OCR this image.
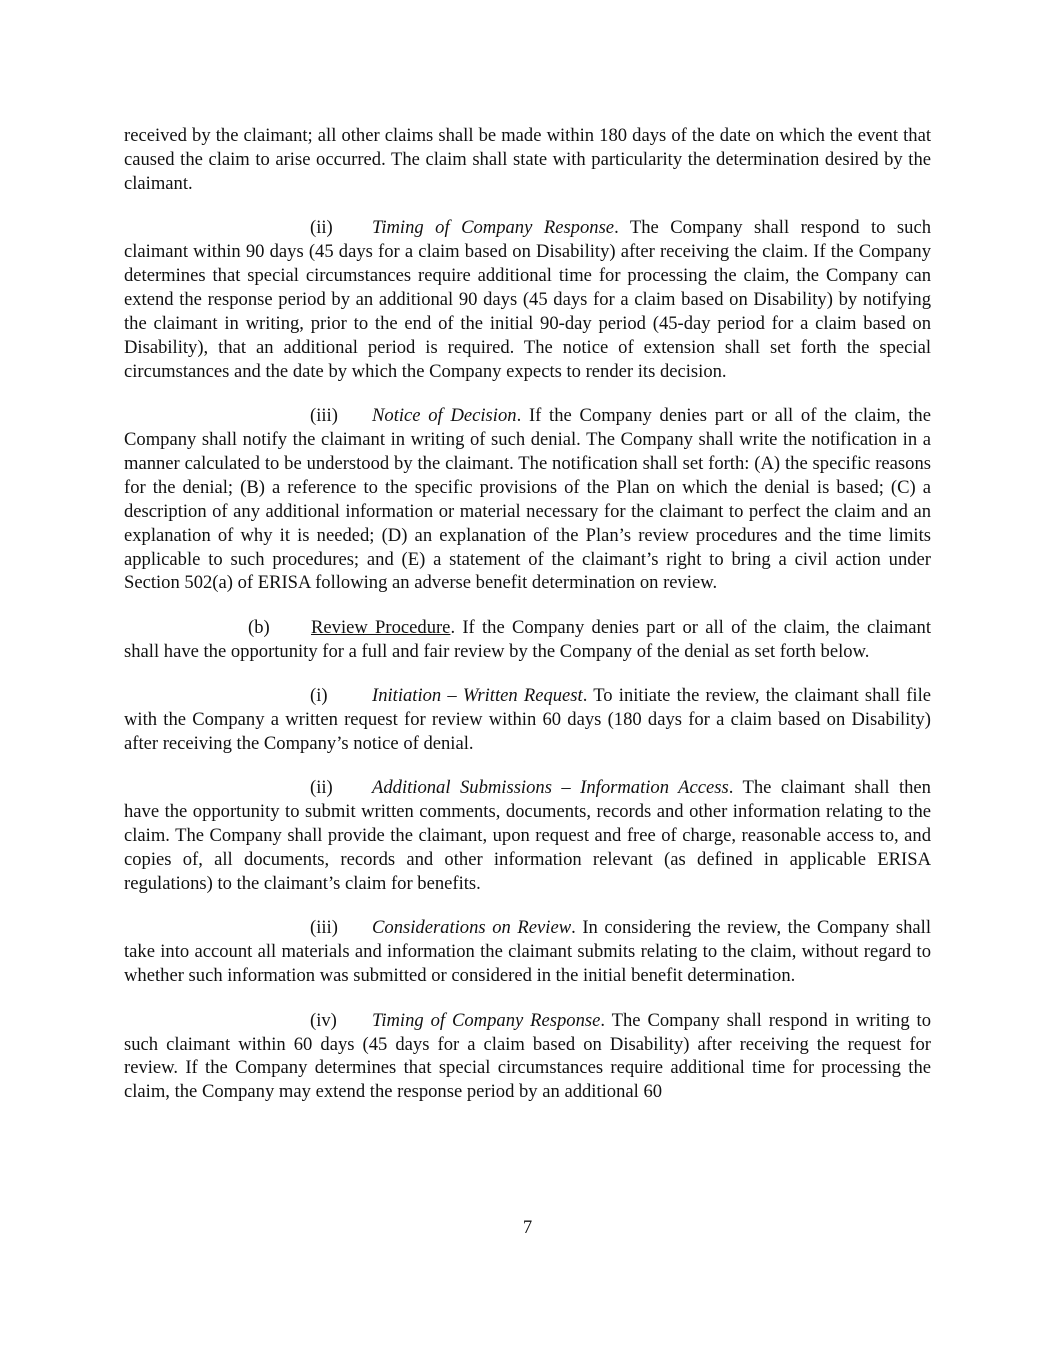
received by the claimant; all other claims shall be made within 180 days of the date on which the event that caused the claim to arise occurred. The claim shall state with particularity the determination desired by the claimant.

(ii) Timing of Company Response. The Company shall respond to such claimant within 90 days (45 days for a claim based on Disability) after receiving the claim. If the Company determines that special circumstances require additional time for processing the claim, the Company can extend the response period by an additional 90 days (45 days for a claim based on Disability) by notifying the claimant in writing, prior to the end of the initial 90-day period (45-day period for a claim based on Disability), that an additional period is required. The notice of extension shall set forth the special circumstances and the date by which the Company expects to render its decision.

(iii) Notice of Decision. If the Company denies part or all of the claim, the Company shall notify the claimant in writing of such denial. The Company shall write the notification in a manner calculated to be understood by the claimant. The notification shall set forth: (A) the specific reasons for the denial; (B) a reference to the specific provisions of the Plan on which the denial is based; (C) a description of any additional information or material necessary for the claimant to perfect the claim and an explanation of why it is needed; (D) an explanation of the Plan’s review procedures and the time limits applicable to such procedures; and (E) a statement of the claimant’s right to bring a civil action under Section 502(a) of ERISA following an adverse benefit determination on review.

(b) Review Procedure. If the Company denies part or all of the claim, the claimant shall have the opportunity for a full and fair review by the Company of the denial as set forth below.

(i) Initiation – Written Request. To initiate the review, the claimant shall file with the Company a written request for review within 60 days (180 days for a claim based on Disability) after receiving the Company’s notice of denial.

(ii) Additional Submissions – Information Access. The claimant shall then have the opportunity to submit written comments, documents, records and other information relating to the claim. The Company shall provide the claimant, upon request and free of charge, reasonable access to, and copies of, all documents, records and other information relevant (as defined in applicable ERISA regulations) to the claimant’s claim for benefits.

(iii) Considerations on Review. In considering the review, the Company shall take into account all materials and information the claimant submits relating to the claim, without regard to whether such information was submitted or considered in the initial benefit determination.

(iv) Timing of Company Response. The Company shall respond in writing to such claimant within 60 days (45 days for a claim based on Disability) after receiving the request for review. If the Company determines that special circumstances require additional time for processing the claim, the Company may extend the response period by an additional 60

7
